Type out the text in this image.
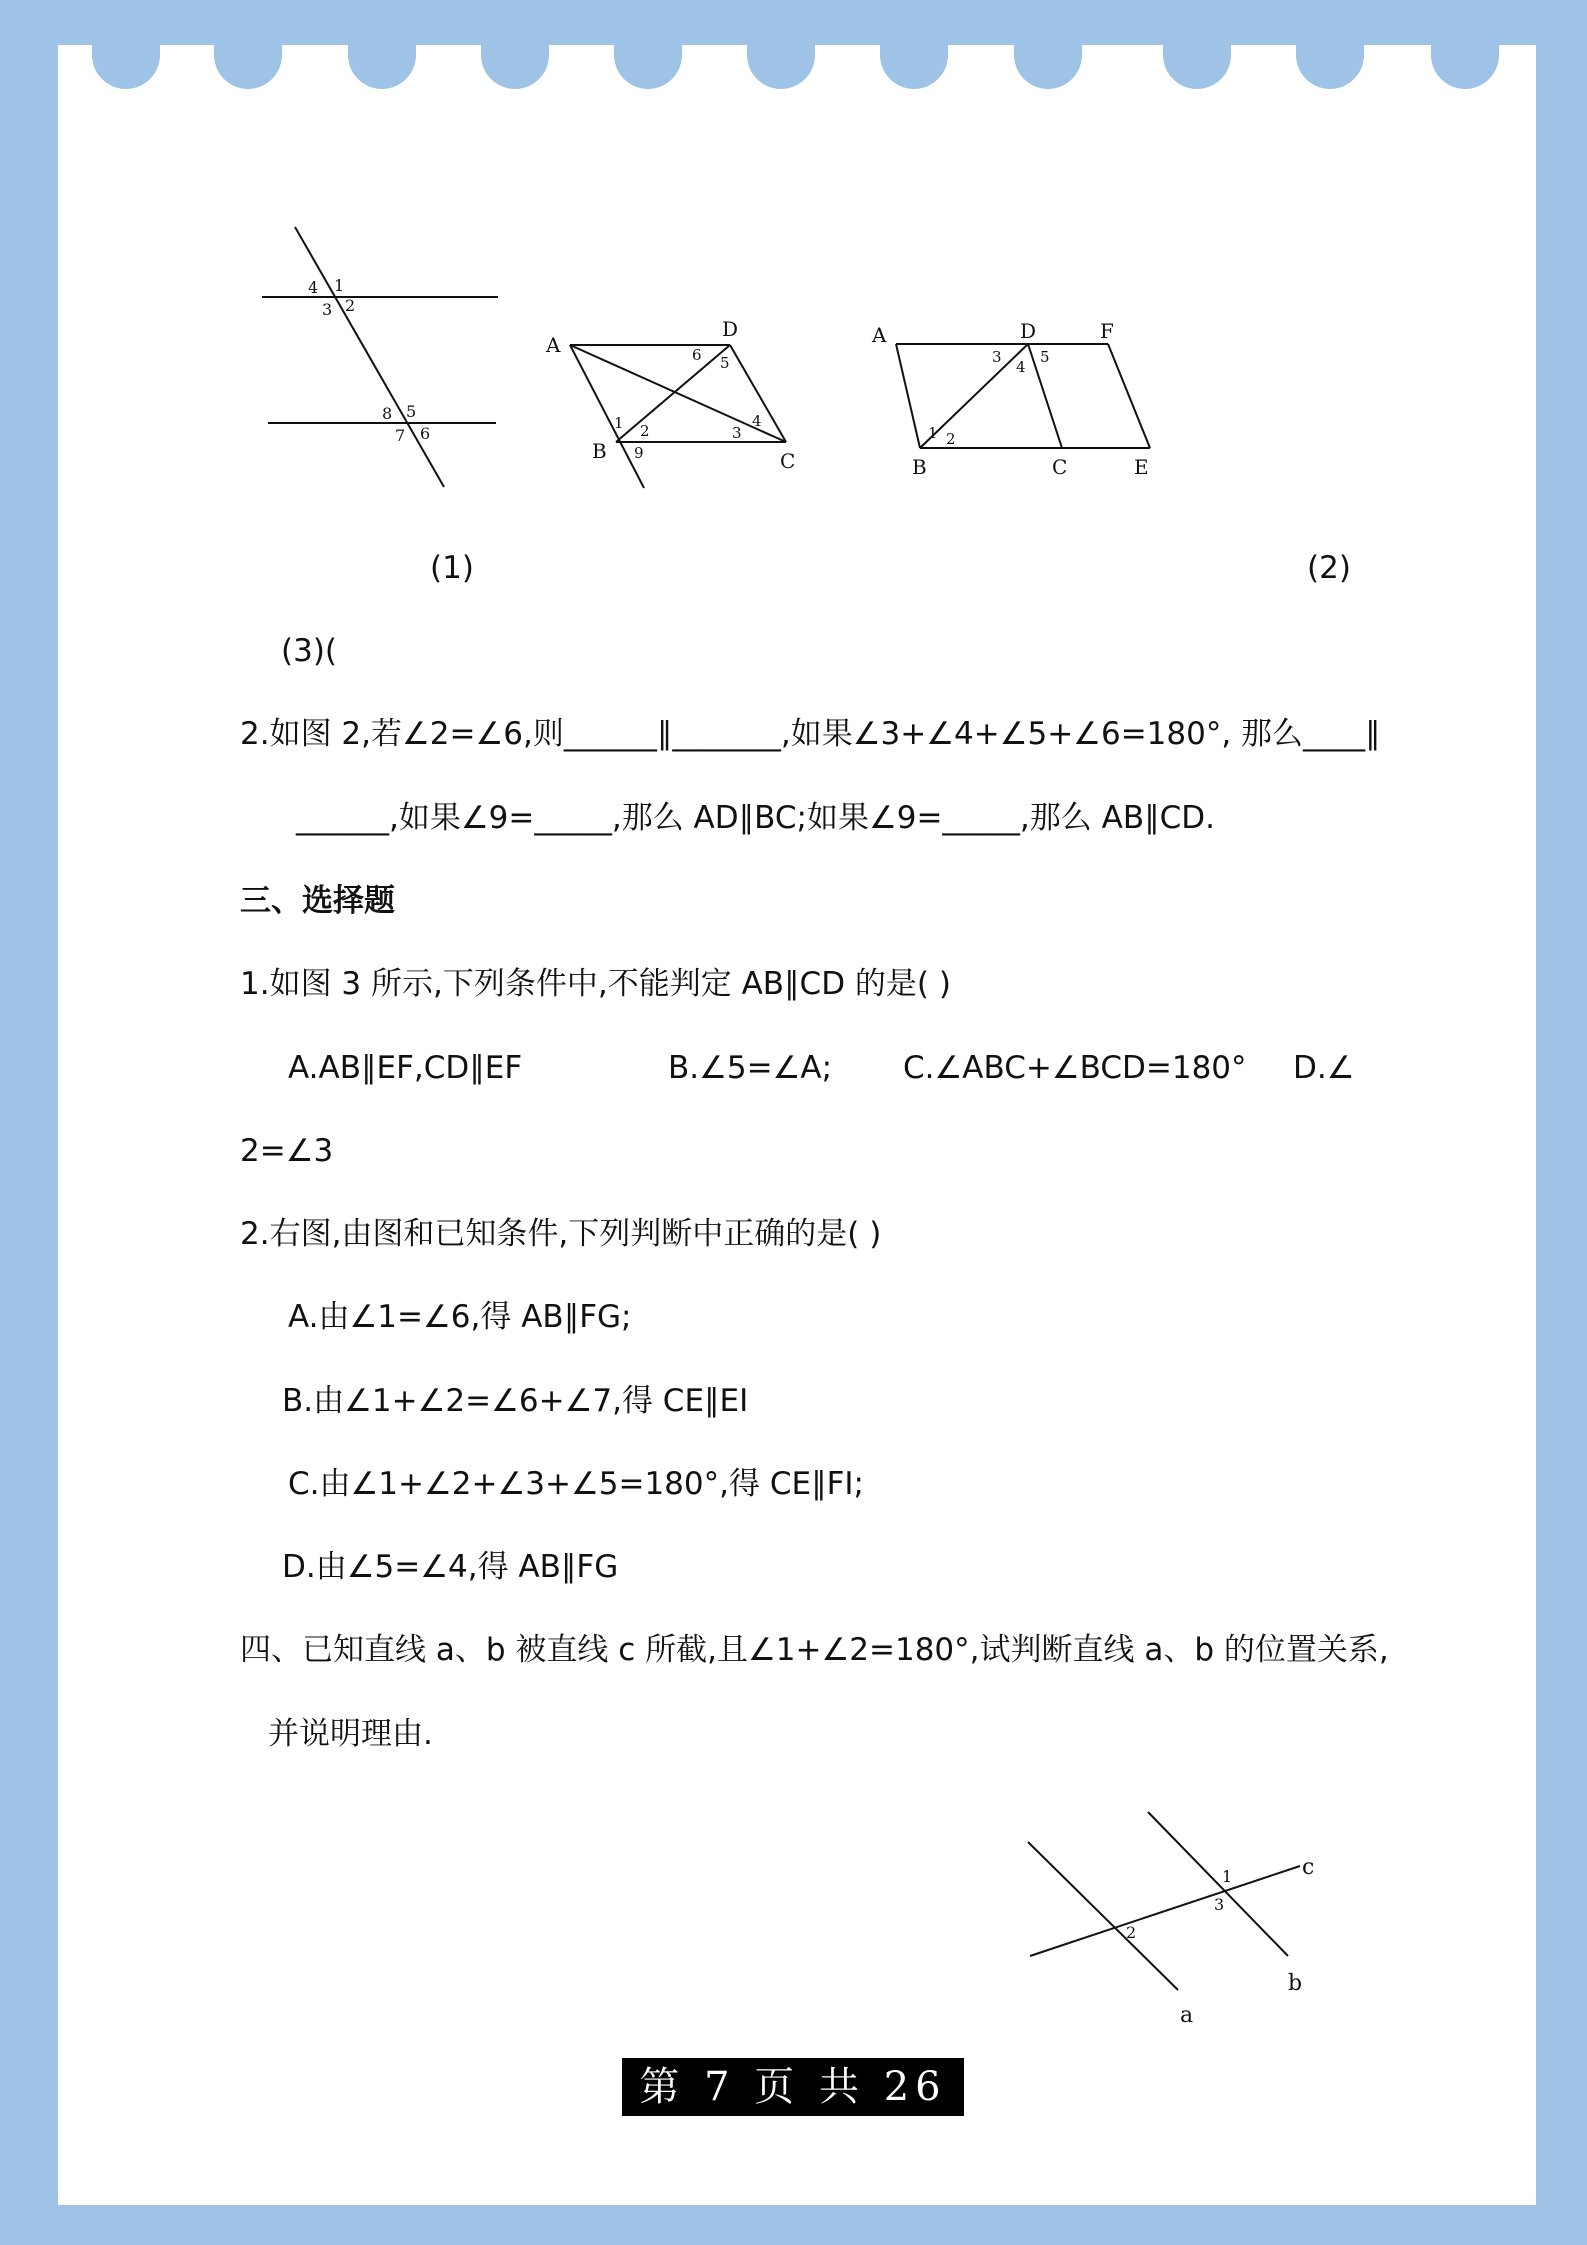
4 1
3 2
8 5
7 6
A
D
B	C
6 5
1 2	3
4
9
A	D	F
B	C	E
3
4
5
1 2
(1)	(2)
(3)(
2.如图 2,若∠2=∠6,则______∥_______,如果∠3+∠4+∠5+∠6=180°, 那么____∥
______,如果∠9=_____,那么 AD∥BC;如果∠9=_____,那么 AB∥CD.
三、选择题
1.如图 3 所示,下列条件中,不能判定 AB∥CD 的是( )
A.AB∥EF,CD∥EF	B.∠5=∠A; C.∠ABC+∠BCD=180° D.∠
2=∠3
2.右图,由图和已知条件,下列判断中正确的是( )
A.由∠1=∠6,得 AB∥FG;
B.由∠1+∠2=∠6+∠7,得 CE∥EI
C.由∠1+∠2+∠3+∠5=180°,得 CE∥FI;
D.由∠5=∠4,得 AB∥FG
四、已知直线 a、b 被直线 c 所截,且∠1+∠2=180°,试判断直线 a、b 的位置关系,
并说明理由.
c
a
b
1
3
2
第 7 页 共 26 页
